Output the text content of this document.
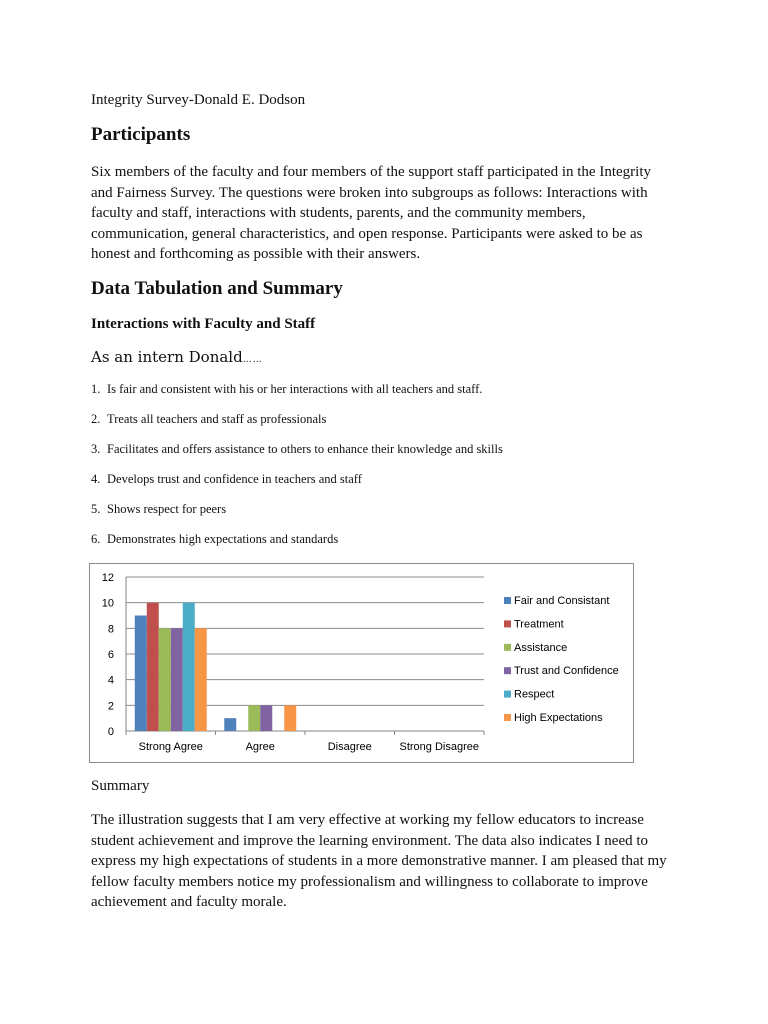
Integrity Survey-Donald E. Dodson
Participants
Six members of the faculty and four members of the support staff participated in the Integrity
and Fairness Survey. The questions were broken into subgroups as follows: Interactions with
faculty and staff, interactions with students, parents, and the community members,
communication, general characteristics, and open response. Participants were asked to be as
honest and forthcoming as possible with their answers.
Data Tabulation and Summary
Interactions with Faculty and Staff
As an intern Donald……
1. Is fair and consistent with his or her interactions with all teachers and staff.
2. Treats all teachers and staff as professionals
3. Facilitates and offers assistance to others to enhance their knowledge and skills
4. Develops trust and confidence in teachers and staff
5. Shows respect for peers
6. Demonstrates high expectations and standards
0
2
4
6
8
10
12
Strong Agree	Agree	Disagree	Strong Disagree
Fair and Consistant
Treatment
Assistance
Trust and Confidence
Respect
High Expectations
Summary
The illustration suggests that I am very effective at working my fellow educators to increase
student achievement and improve the learning environment. The data also indicates I need to
express my high expectations of students in a more demonstrative manner. I am pleased that my
fellow faculty members notice my professionalism and willingness to collaborate to improve
achievement and faculty morale.
